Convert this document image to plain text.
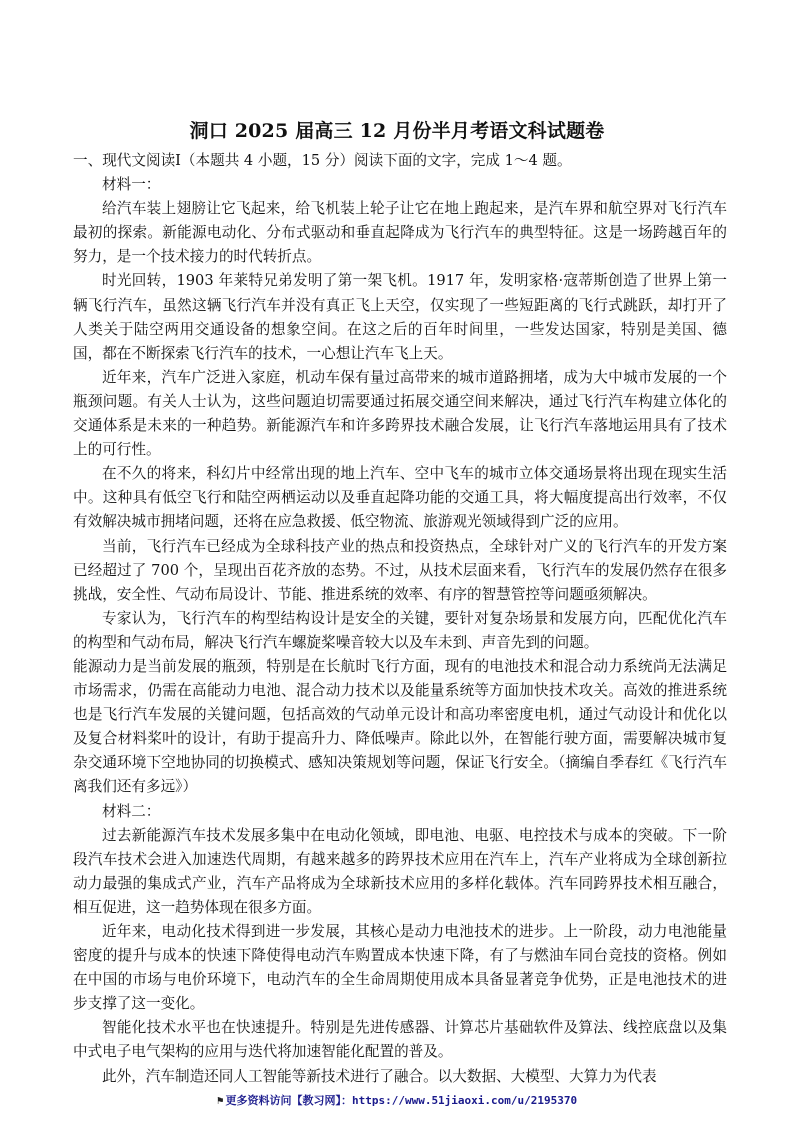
洞口 2025 届高三 12 月份半月考语文科试题卷

一、现代文阅读Ⅰ（本题共 4 小题，15 分）阅读下面的文字，完成 1～4 题。

材料一：

给汽车装上翅膀让它飞起来，给飞机装上轮子让它在地上跑起来，是汽车界和航空界对飞行汽车最初的探索。新能源电动化、分布式驱动和垂直起降成为飞行汽车的典型特征。这是一场跨越百年的努力，是一个技术接力的时代转折点。

时光回转，1903 年莱特兄弟发明了第一架飞机。1917 年，发明家格·寇蒂斯创造了世界上第一辆飞行汽车，虽然这辆飞行汽车并没有真正飞上天空，仅实现了一些短距离的飞行式跳跃，却打开了人类关于陆空两用交通设备的想象空间。在这之后的百年时间里，一些发达国家，特别是美国、德国，都在不断探索飞行汽车的技术，一心想让汽车飞上天。

近年来，汽车广泛进入家庭，机动车保有量过高带来的城市道路拥堵，成为大中城市发展的一个瓶颈问题。有关人士认为，这些问题迫切需要通过拓展交通空间来解决，通过飞行汽车构建立体化的交通体系是未来的一种趋势。新能源汽车和许多跨界技术融合发展，让飞行汽车落地运用具有了技术上的可行性。

在不久的将来，科幻片中经常出现的地上汽车、空中飞车的城市立体交通场景将出现在现实生活中。这种具有低空飞行和陆空两栖运动以及垂直起降功能的交通工具，将大幅度提高出行效率，不仅有效解决城市拥堵问题，还将在应急救援、低空物流、旅游观光领域得到广泛的应用。

当前，飞行汽车已经成为全球科技产业的热点和投资热点，全球针对广义的飞行汽车的开发方案已经超过了 700 个，呈现出百花齐放的态势。不过，从技术层面来看，飞行汽车的发展仍然存在很多挑战，安全性、气动布局设计、节能、推进系统的效率、有序的智慧管控等问题亟须解决。

专家认为，飞行汽车的构型结构设计是安全的关键，要针对复杂场景和发展方向，匹配优化汽车的构型和气动布局，解决飞行汽车螺旋桨噪音较大以及车未到、声音先到的问题。

能源动力是当前发展的瓶颈，特别是在长航时飞行方面，现有的电池技术和混合动力系统尚无法满足市场需求，仍需在高能动力电池、混合动力技术以及能量系统等方面加快技术攻关。高效的推进系统也是飞行汽车发展的关键问题，包括高效的气动单元设计和高功率密度电机，通过气动设计和优化以及复合材料桨叶的设计，有助于提高升力、降低噪声。除此以外，在智能行驶方面，需要解决城市复杂交通环境下空地协同的切换模式、感知决策规划等问题，保证飞行安全。（摘编自季春红《飞行汽车离我们还有多远》）

材料二：

过去新能源汽车技术发展多集中在电动化领域，即电池、电驱、电控技术与成本的突破。下一阶段汽车技术会进入加速迭代周期，有越来越多的跨界技术应用在汽车上，汽车产业将成为全球创新拉动力最强的集成式产业，汽车产品将成为全球新技术应用的多样化载体。汽车同跨界技术相互融合，相互促进，这一趋势体现在很多方面。

近年来，电动化技术得到进一步发展，其核心是动力电池技术的进步。上一阶段，动力电池能量密度的提升与成本的快速下降使得电动汽车购置成本快速下降，有了与燃油车同台竞技的资格。例如在中国的市场与电价环境下，电动汽车的全生命周期使用成本具备显著竞争优势，正是电池技术的进步支撑了这一变化。

智能化技术水平也在快速提升。特别是先进传感器、计算芯片基础软件及算法、线控底盘以及集中式电子电气架构的应用与迭代将加速智能化配置的普及。

此外，汽车制造还同人工智能等新技术进行了融合。以大数据、大模型、大算力为代表

⚑ 更多资料访问【教习网】：https://www.51jiaoxi.com/u/2195370
